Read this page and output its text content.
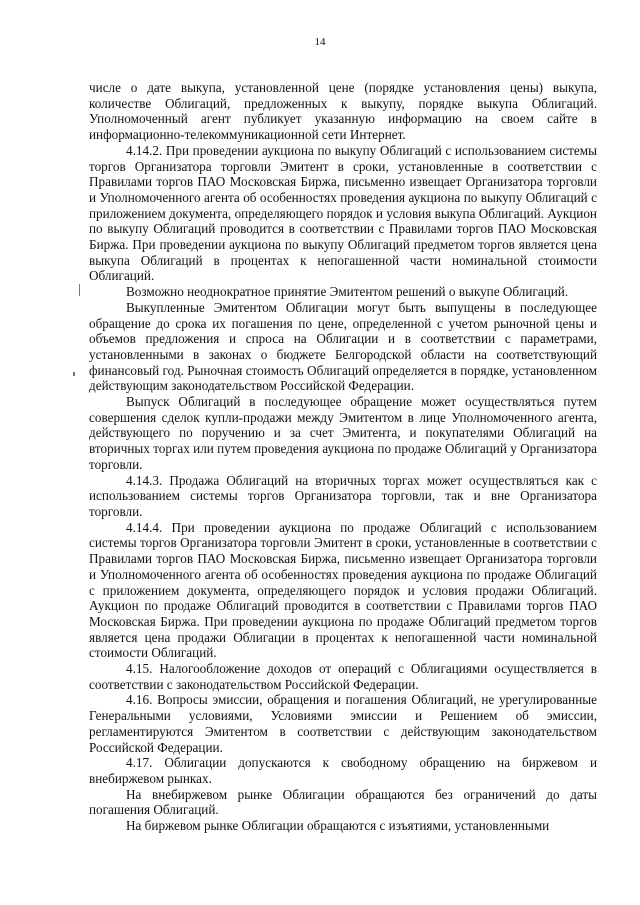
14

числе о дате выкупа, установленной цене (порядке установления цены) выкупа, количестве Облигаций, предложенных к выкупу, порядке выкупа Облигаций. Уполномоченный агент публикует указанную информацию на своем сайте в информационно-телекоммуникационной сети Интернет.

4.14.2. При проведении аукциона по выкупу Облигаций с использованием системы торгов Организатора торговли Эмитент в сроки, установленные в соответствии с Правилами торгов ПАО Московская Биржа, письменно извещает Организатора торговли и Уполномоченного агента об особенностях проведения аукциона по выкупу Облигаций с приложением документа, определяющего порядок и условия выкупа Облигаций. Аукцион по выкупу Облигаций проводится в соответствии с Правилами торгов ПАО Московская Биржа. При проведении аукциона по выкупу Облигаций предметом торгов является цена выкупа Облигаций в процентах к непогашенной части номинальной стоимости Облигаций.

Возможно неоднократное принятие Эмитентом решений о выкупе Облигаций.

Выкупленные Эмитентом Облигации могут быть выпущены в последующее обращение до срока их погашения по цене, определенной с учетом рыночной цены и объемов предложения и спроса на Облигации и в соответствии с параметрами, установленными в законах о бюджете Белгородской области на соответствующий финансовый год. Рыночная стоимость Облигаций определяется в порядке, установленном действующим законодательством Российской Федерации.

Выпуск Облигаций в последующее обращение может осуществляться путем совершения сделок купли-продажи между Эмитентом в лице Уполномоченного агента, действующего по поручению и за счет Эмитента, и покупателями Облигаций на вторичных торгах или путем проведения аукциона по продаже Облигаций у Организатора торговли.

4.14.3. Продажа Облигаций на вторичных торгах может осуществляться как с использованием системы торгов Организатора торговли, так и вне Организатора торговли.

4.14.4. При проведении аукциона по продаже Облигаций с использованием системы торгов Организатора торговли Эмитент в сроки, установленные в соответствии с Правилами торгов ПАО Московская Биржа, письменно извещает Организатора торговли и Уполномоченного агента об особенностях проведения аукциона по продаже Облигаций с приложением документа, определяющего порядок и условия продажи Облигаций. Аукцион по продаже Облигаций проводится в соответствии с Правилами торгов ПАО Московская Биржа. При проведении аукциона по продаже Облигаций предметом торгов является цена продажи Облигации в процентах к непогашенной части номинальной стоимости Облигаций.

4.15. Налогообложение доходов от операций с Облигациями осуществляется в соответствии с законодательством Российской Федерации.

4.16. Вопросы эмиссии, обращения и погашения Облигаций, не урегулированные Генеральными условиями, Условиями эмиссии и Решением об эмиссии, регламентируются Эмитентом в соответствии с действующим законодательством Российской Федерации.

4.17. Облигации допускаются к свободному обращению на биржевом и внебиржевом рынках.

На внебиржевом рынке Облигации обращаются без ограничений до даты погашения Облигаций.

На биржевом рынке Облигации обращаются с изъятиями, установленными
